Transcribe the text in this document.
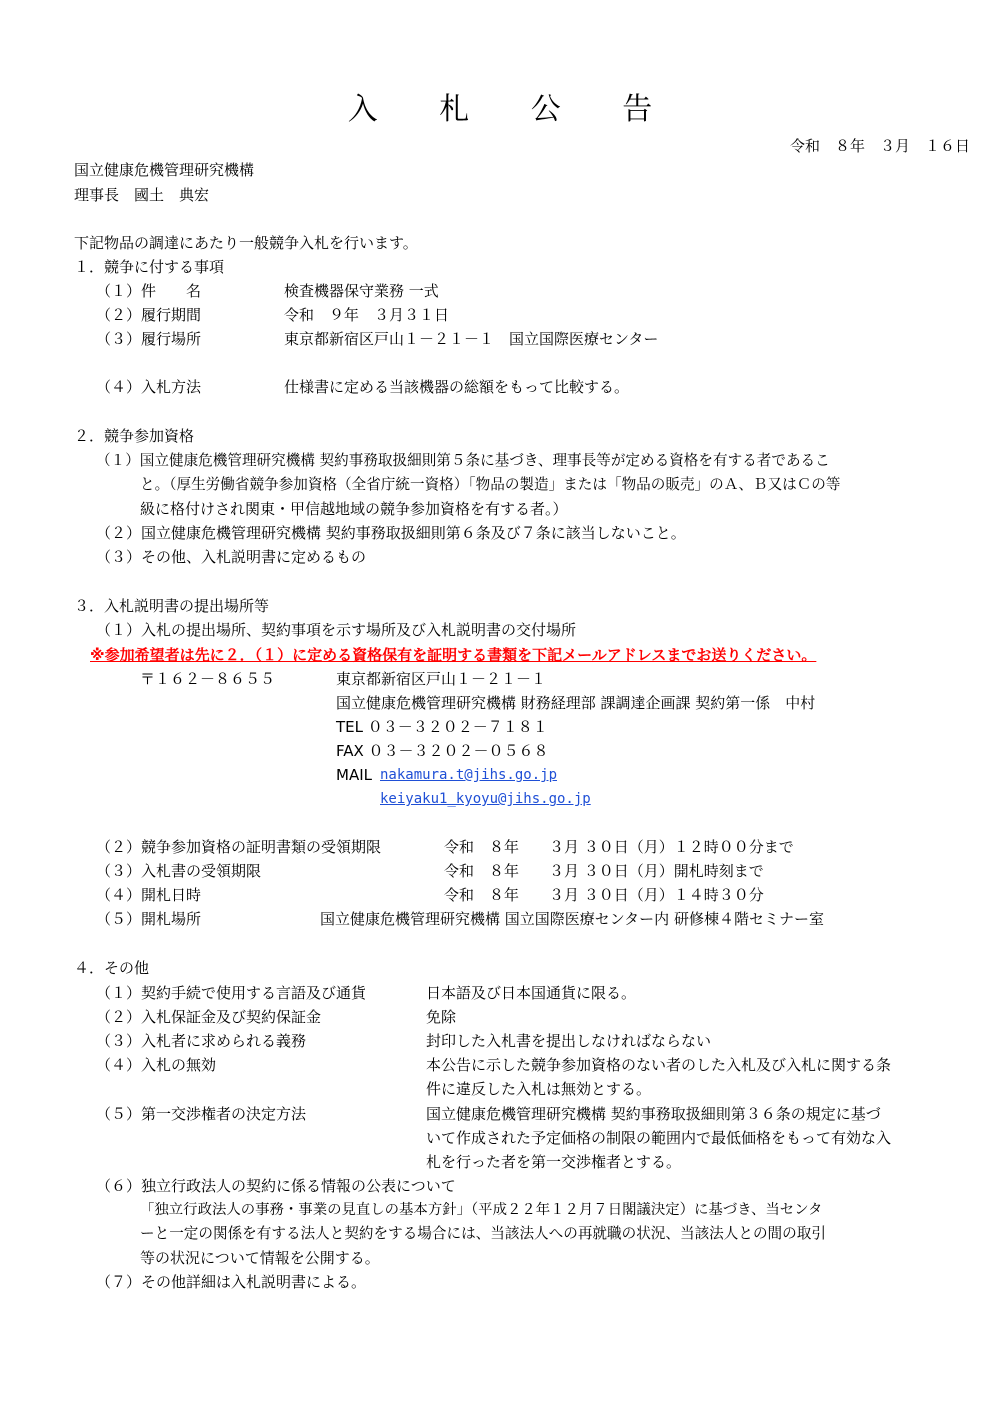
入 札 公 告
令和　８年　３月　１６日
国立健康危機管理研究機構
理事長　國土　典宏
下記物品の調達にあたり一般競争入札を行います。
１．競争に付する事項
（１）件　　名	検査機器保守業務 一式
（２）履行期間	令和　９年　３月３１日
（３）履行場所	東京都新宿区戸山１－２１－１　国立国際医療センター
（４）入札方法	仕様書に定める当該機器の総額をもって比較する。
２．競争参加資格
（１）国立健康危機管理研究機構 契約事務取扱細則第５条に基づき、理事長等が定める資格を有する者であるこ
と。（厚生労働省競争参加資格（全省庁統一資格）「物品の製造」または「物品の販売」のＡ、Ｂ又はＣの等
級に格付けされ関東・甲信越地域の競争参加資格を有する者。）
（２）国立健康危機管理研究機構 契約事務取扱細則第６条及び７条に該当しないこと。
（３）その他、入札説明書に定めるもの
３．入札説明書の提出場所等
（１）入札の提出場所、契約事項を示す場所及び入札説明書の交付場所
※参加希望者は先に２．（１）に定める資格保有を証明する書類を下記メールアドレスまでお送りください。
〒１６２－８６５５	東京都新宿区戸山１－２１－１
国立健康危機管理研究機構 財務経理部 課調達企画課 契約第一係　中村
TEL ０３－３２０２－７１８１
FAX ０３－３２０２－０５６８
MAIL nakamura.t@jihs.go.jp
keiyaku1_kyoyu@jihs.go.jp
（２）競争参加資格の証明書類の受領期限	令和　８年　　３月 ３０日（月）１２時００分まで
（３）入札書の受領期限	令和　８年　　３月 ３０日（月）開札時刻まで
（４）開札日時	令和　８年　　３月 ３０日（月）１４時３０分
（５）開札場所	国立健康危機管理研究機構 国立国際医療センター内 研修棟４階セミナー室
４．その他
（１）契約手続で使用する言語及び通貨	日本語及び日本国通貨に限る。
（２）入札保証金及び契約保証金	免除
（３）入札者に求められる義務	封印した入札書を提出しなければならない
（４）入札の無効	本公告に示した競争参加資格のない者のした入札及び入札に関する条
件に違反した入札は無効とする。
（５）第一交渉権者の決定方法	国立健康危機管理研究機構 契約事務取扱細則第３６条の規定に基づ
いて作成された予定価格の制限の範囲内で最低価格をもって有効な入
札を行った者を第一交渉権者とする。
（６）独立行政法人の契約に係る情報の公表について
「独立行政法人の事務・事業の見直しの基本方針」（平成２２年１２月７日閣議決定）に基づき、当センタ
ーと一定の関係を有する法人と契約をする場合には、当該法人への再就職の状況、当該法人との間の取引
等の状況について情報を公開する。
（７）その他詳細は入札説明書による。
